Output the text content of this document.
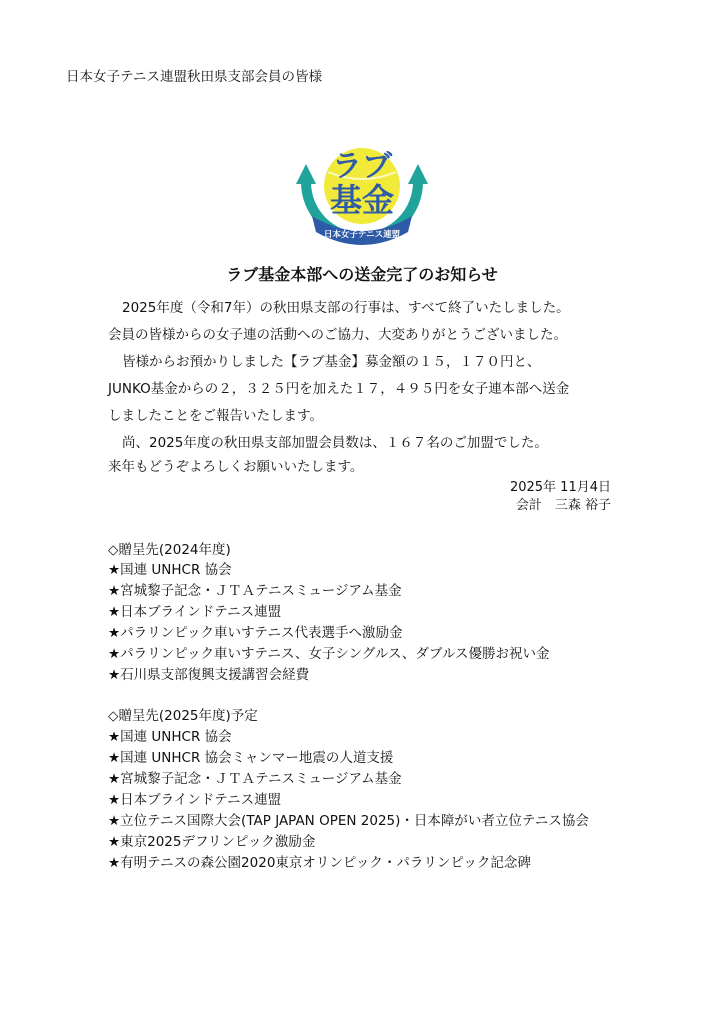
日本女子テニス連盟秋田県支部会員の皆様
ラブ
基金
日本女子テニス連盟
ラブ基金本部への送金完了のお知らせ
2025年度（令和7年）の秋田県支部の行事は、すべて終了いたしました。
会員の皆様からの女子連の活動へのご協力、大変ありがとうございました。
皆様からお預かりしました【ラブ基金】募金額の１５，１７０円と、
JUNKO基金からの２，３２５円を加えた１７，４９５円を女子連本部へ送金
しましたことをご報告いたします。
尚、2025年度の秋田県支部加盟会員数は、１６７名のご加盟でした。
来年もどうぞよろしくお願いいたします。
2025年 11月4日
会計　三森 裕子
◇贈呈先(2024年度)
★国連 UNHCR 協会
★宮城黎子記念・ＪＴＡテニスミュージアム基金
★日本ブラインドテニス連盟
★パラリンピック車いすテニス代表選手へ激励金
★パラリンピック車いすテニス、女子シングルス、ダブルス優勝お祝い金
★石川県支部復興支援講習会経費
◇贈呈先(2025年度)予定
★国連 UNHCR 協会
★国連 UNHCR 協会ミャンマー地震の人道支援
★宮城黎子記念・ＪＴＡテニスミュージアム基金
★日本ブラインドテニス連盟
★立位テニス国際大会(TAP JAPAN OPEN 2025)・日本障がい者立位テニス協会
★東京2025デフリンピック激励金
★有明テニスの森公園2020東京オリンピック・パラリンピック記念碑
